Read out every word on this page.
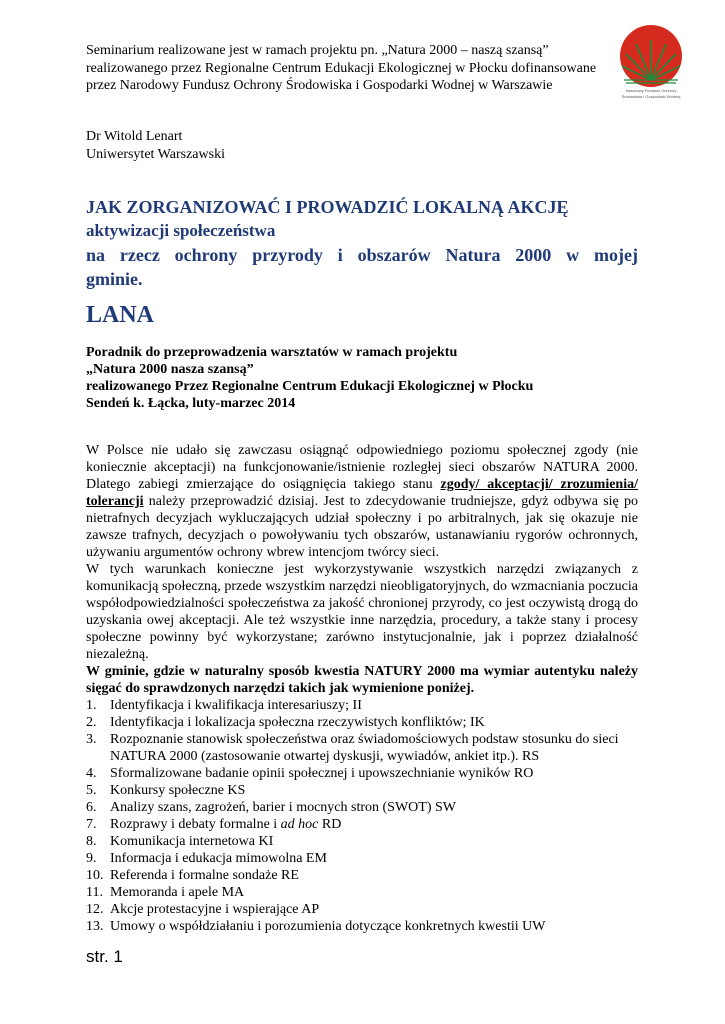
Seminarium realizowane jest w ramach projektu pn. „Natura 2000 – naszą szansą”
realizowanego przez Regionalne Centrum Edukacji Ekologicznej w Płocku dofinansowane
przez Narodowy Fundusz Ochrony Środowiska i Gospodarki Wodnej w Warszawie	Narodowy Fundusz Ochrony
Środowiska i Gospodarki Wodnej
Dr Witold Lenart
Uniwersytet Warszawski
JAK ZORGANIZOWAĆ I PROWADZIĆ LOKALNĄ AKCJĘ
aktywizacji społeczeństwa
na rzecz ochrony przyrody i obszarów Natura 2000 w mojej
gminie.
LANA
Poradnik do przeprowadzenia warsztatów w ramach projektu
„Natura 2000 nasza szansą”
realizowanego Przez Regionalne Centrum Edukacji Ekologicznej w Płocku
Sendeń k. Łącka, luty-marzec 2014

W Polsce nie udało się zawczasu osiągnąć odpowiedniego poziomu społecznej zgody (nie koniecznie akceptacji) na funkcjonowanie/istnienie rozległej sieci obszarów NATURA 2000. Dlatego zabiegi zmierzające do osiągnięcia takiego stanu zgody/ akceptacji/ zrozumienia/ tolerancji należy przeprowadzić dzisiaj. Jest to zdecydowanie trudniejsze, gdyż odbywa się po nietrafnych decyzjach wykluczających udział społeczny i po arbitralnych, jak się okazuje nie zawsze trafnych, decyzjach o powoływaniu tych obszarów, ustanawianiu rygorów ochronnych, używaniu argumentów ochrony wbrew intencjom twórcy sieci.

W tych warunkach konieczne jest wykorzystywanie wszystkich narzędzi związanych z komunikacją społeczną, przede wszystkim narzędzi nieobligatoryjnych, do wzmacniania poczucia współodpowiedzialności społeczeństwa za jakość chronionej przyrody, co jest oczywistą drogą do uzyskania owej akceptacji. Ale też wszystkie inne narzędzia, procedury, a także stany i procesy społeczne powinny być wykorzystane; zarówno instytucjonalnie, jak i poprzez działalność niezależną.

W gminie, gdzie w naturalny sposób kwestia NATURY 2000 ma wymiar autentyku należy sięgać do sprawdzonych narzędzi takich jak wymienione poniżej.

1. Identyfikacja i kwalifikacja interesariuszy; II
2. Identyfikacja i lokalizacja społeczna rzeczywistych konfliktów; IK
3. Rozpoznanie stanowisk społeczeństwa oraz świadomościowych podstaw stosunku do sieci NATURA 2000 (zastosowanie otwartej dyskusji, wywiadów, ankiet itp.). RS
4. Sformalizowane badanie opinii społecznej i upowszechnianie wyników RO
5. Konkursy społeczne KS
6. Analizy szans, zagrożeń, barier i mocnych stron (SWOT) SW
7. Rozprawy i debaty formalne i ad hoc RD
8. Komunikacja internetowa KI
9. Informacja i edukacja mimowolna EM
10. Referenda i formalne sondaże RE
11. Memoranda i apele MA
12. Akcje protestacyjne i wspierające AP
13. Umowy o współdziałaniu i porozumienia dotyczące konkretnych kwestii UW
str. 1
